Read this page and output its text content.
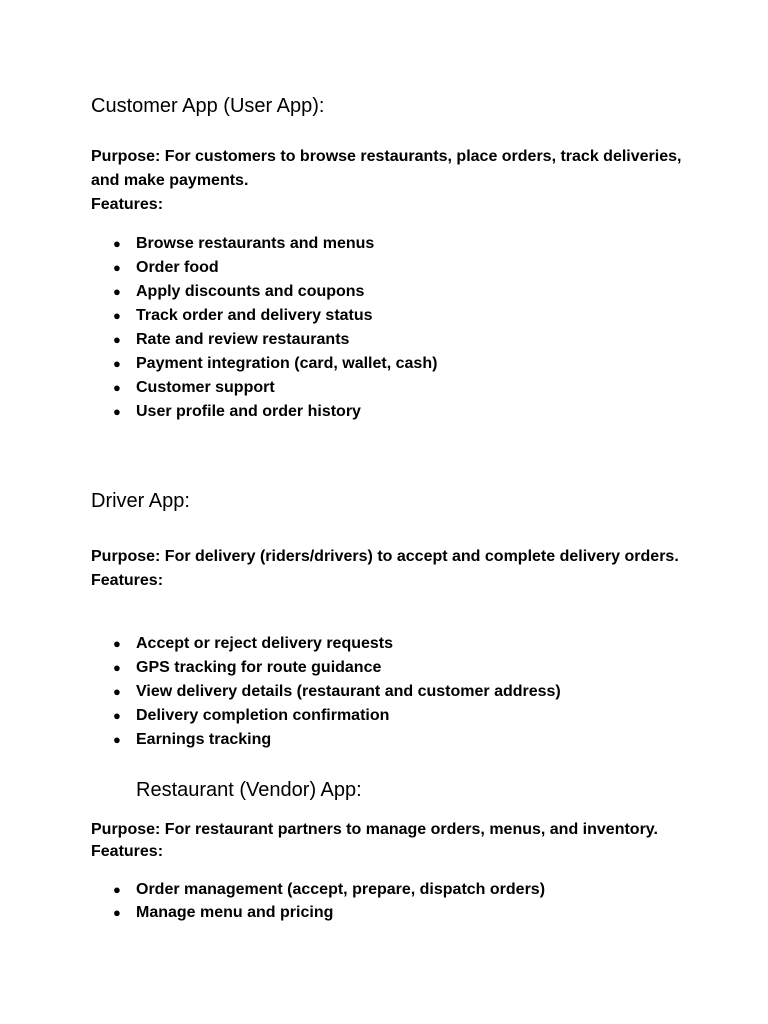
Customer App (User App):
Purpose: For customers to browse restaurants, place orders, track deliveries, and make payments.
Features:
● Browse restaurants and menus
● Order food
● Apply discounts and coupons
● Track order and delivery status
● Rate and review restaurants
● Payment integration (card, wallet, cash)
● Customer support
● User profile and order history
Driver App:
Purpose: For delivery (riders/drivers) to accept and complete delivery orders.
Features:
● Accept or reject delivery requests
● GPS tracking for route guidance
● View delivery details (restaurant and customer address)
● Delivery completion confirmation
● Earnings tracking
Restaurant (Vendor) App:
Purpose: For restaurant partners to manage orders, menus, and inventory.
Features:
● Order management (accept, prepare, dispatch orders)
● Manage menu and pricing
